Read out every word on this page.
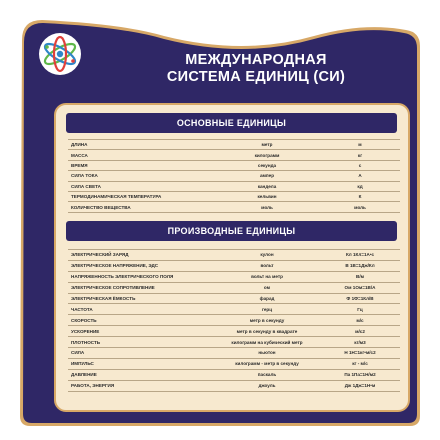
МЕЖДУНАРОДНАЯ
СИСТЕМА ЕДИНИЦ (СИ)
ОСНОВНЫЕ ЕДИНИЦЫ

ДЛИНА	метр	м
МАССА	килограмм	кг
ВРЕМЯ	секунда	с
СИЛА ТОКА	ампер	А
СИЛА СВЕТА	кандела	кд
ТЕРМОДИНАМИЧЕСКАЯ ТЕМПЕРАТУРА	кельвин	К
КОЛИЧЕСТВО ВЕЩЕСТВА	моль	моль
ПРОИЗВОДНЫЕ ЕДИНИЦЫ

ЭЛЕКТРИЧЕСКИЙ ЗАРЯД	кулон	Кл 1Кл=1А•с
ЭЛЕКТРИЧЕСКОЕ НАПРЯЖЕНИЕ, ЭДС	вольт	В 1В=1Дж/Кл
НАПРЯЖЕННОСТЬ ЭЛЕКТРИЧЕСКОГО ПОЛЯ	вольт на метр	В/м
ЭЛЕКТРИЧЕСКОЕ СОПРОТИВЛЕНИЕ	ом	Ом 1Ом=1В/А
ЭЛЕКТРИЧЕСКАЯ ЁМКОСТЬ	фарад	Ф 1Ф=1Кл/В
ЧАСТОТА	герц	Гц
СКОРОСТЬ	метр в секунду	м/с
УСКОРЕНИЕ	метр в секунду в квадрате	м/с2
ПЛОТНОСТЬ	килограмм на кубический метр	кг/м3
СИЛА	ньютон	Н 1Н=1кг•м/с2
ИМПУЛЬС	килограмм - метр в секунду	кг - м/с
ДАВЛЕНИЕ	паскаль	Па 1Па=1Н/м2
РАБОТА, ЭНЕРГИЯ	джоуль	Дж 1Дж=1Н•м
